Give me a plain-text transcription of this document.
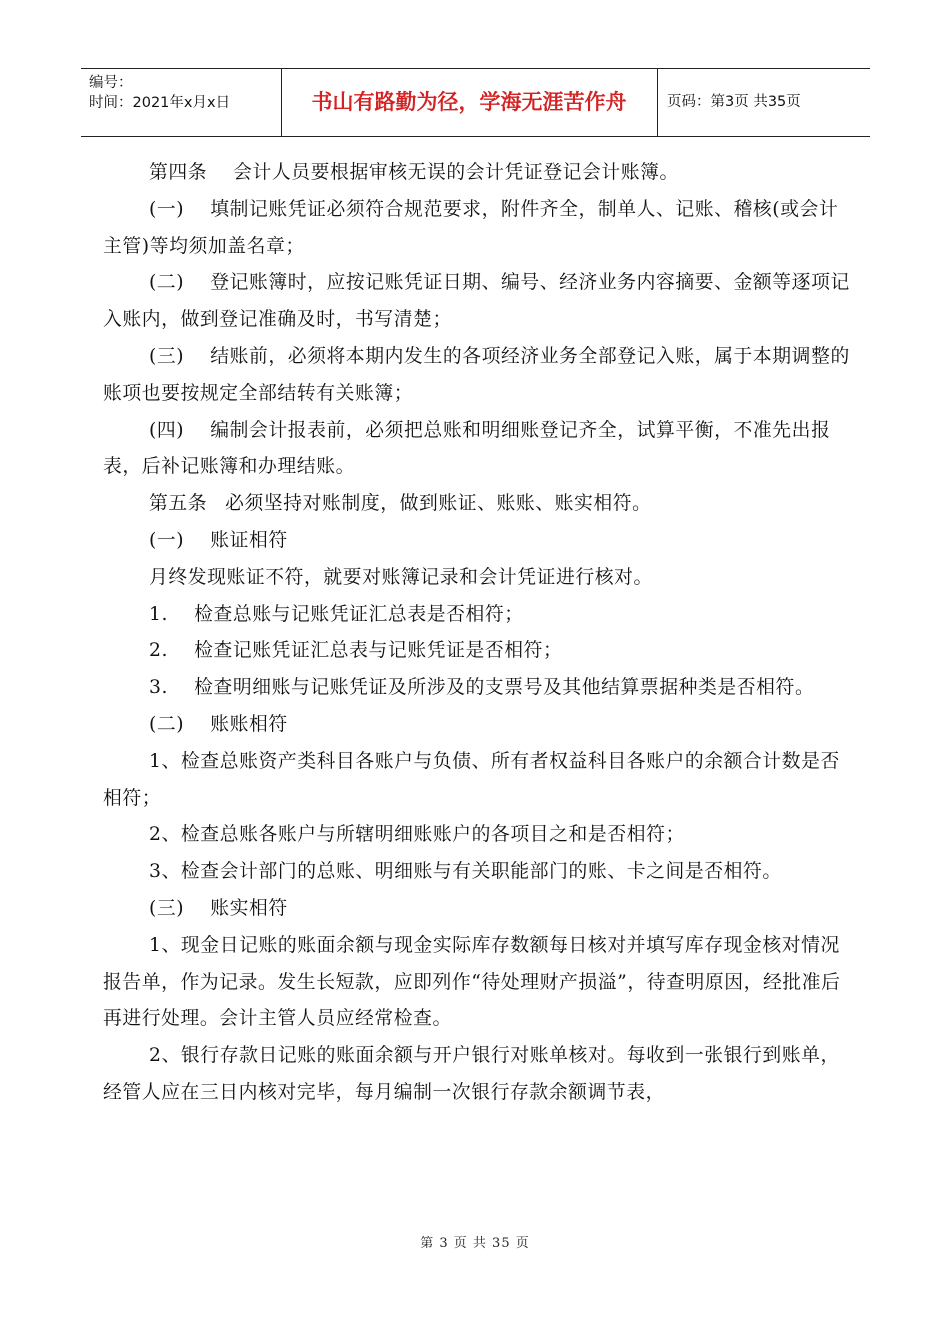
编号：
时间：2021年x月x日	书山有路勤为径，学海无涯苦作舟	页码：第3页 共35页

第四条 会计人员要根据审核无误的会计凭证登记会计账簿。

(一) 填制记账凭证必须符合规范要求，附件齐全，制单人、记账、稽核(或会计主管)等均须加盖名章；

(二) 登记账簿时，应按记账凭证日期、编号、经济业务内容摘要、金额等逐项记入账内，做到登记准确及时，书写清楚；

(三) 结账前，必须将本期内发生的各项经济业务全部登记入账，属于本期调整的账项也要按规定全部结转有关账簿；

(四) 编制会计报表前，必须把总账和明细账登记齐全，试算平衡，不准先出报表，后补记账簿和办理结账。

第五条 必须坚持对账制度，做到账证、账账、账实相符。

(一) 账证相符

月终发现账证不符，就要对账簿记录和会计凭证进行核对。

1. 检查总账与记账凭证汇总表是否相符；

2. 检查记账凭证汇总表与记账凭证是否相符；

3. 检查明细账与记账凭证及所涉及的支票号及其他结算票据种类是否相符。

(二) 账账相符

1、检查总账资产类科目各账户与负债、所有者权益科目各账户的余额合计数是否相符；

2、检查总账各账户与所辖明细账账户的各项目之和是否相符；

3、检查会计部门的总账、明细账与有关职能部门的账、卡之间是否相符。

(三) 账实相符

1、现金日记账的账面余额与现金实际库存数额每日核对并填写库存现金核对情况报告单，作为记录。发生长短款，应即列作“待处理财产损溢”，待查明原因，经批准后再进行处理。会计主管人员应经常检查。

2、银行存款日记账的账面余额与开户银行对账单核对。每收到一张银行到账单，经管人应在三日内核对完毕，每月编制一次银行存款余额调节表，

第 3 页 共 35 页
